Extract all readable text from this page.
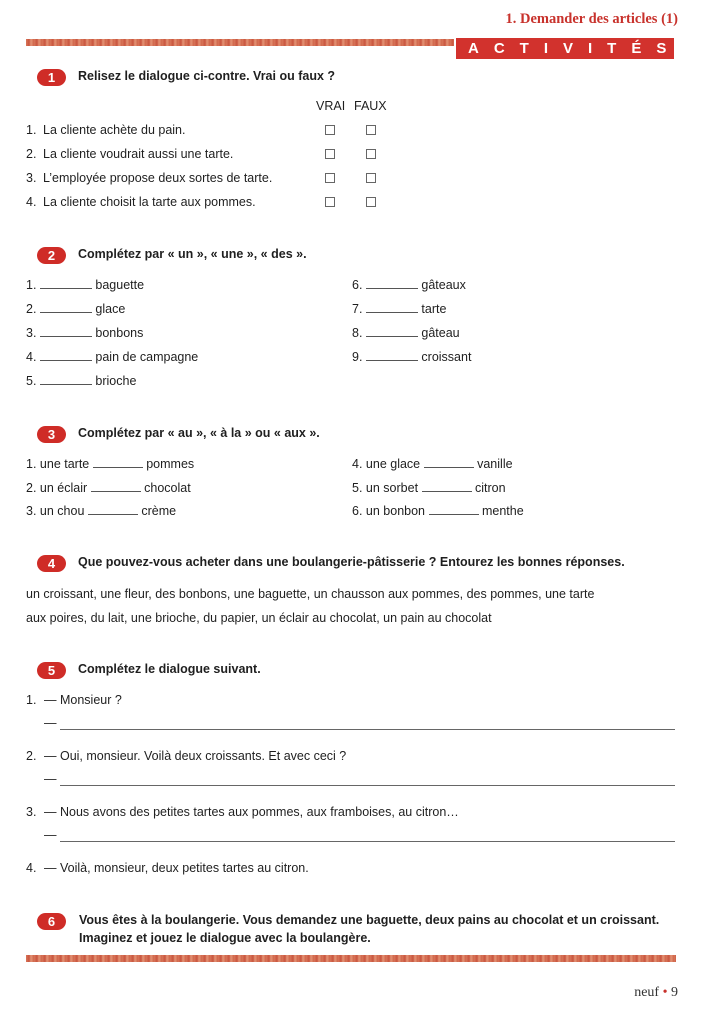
1. Demander des articles (1)
ACTIVITÉS
1	Relisez le dialogue ci-contre. Vrai ou faux ?
VRAI FAUX
1. La cliente achète du pain.
2. La cliente voudrait aussi une tarte.
3. L’employée propose deux sortes de tarte.
4. La cliente choisit la tarte aux pommes.
2	Complétez par « un », « une », « des ».
1.	baguette
2.	glace
3.	bonbons
4.	pain de campagne
5.	brioche
6.	gâteaux
7.	tarte
8.	gâteau
9.	croissant
3	Complétez par « au », « à la » ou « aux ».
1. une tarte	pommes
2. un éclair	chocolat
3. un chou	crème
4. une glace	vanille
5. un sorbet	citron
6. un bonbon	menthe
4	Que pouvez-vous acheter dans une boulangerie-pâtisserie ? Entourez les bonnes réponses.
un croissant, une fleur, des bonbons, une baguette, un chausson aux pommes, des pommes, une tarte
aux poires, du lait, une brioche, du papier, un éclair au chocolat, un pain au chocolat
5	Complétez le dialogue suivant.
1. — Monsieur ?
—
2. — Oui, monsieur. Voilà deux croissants. Et avec ceci ?
—
3. — Nous avons des petites tartes aux pommes, aux framboises, au citron…
—
4. — Voilà, monsieur, deux petites tartes au citron.
6	Vous êtes à la boulangerie. Vous demandez une baguette, deux pains au chocolat et un croissant.
Imaginez et jouez le dialogue avec la boulangère.
neuf • 9
